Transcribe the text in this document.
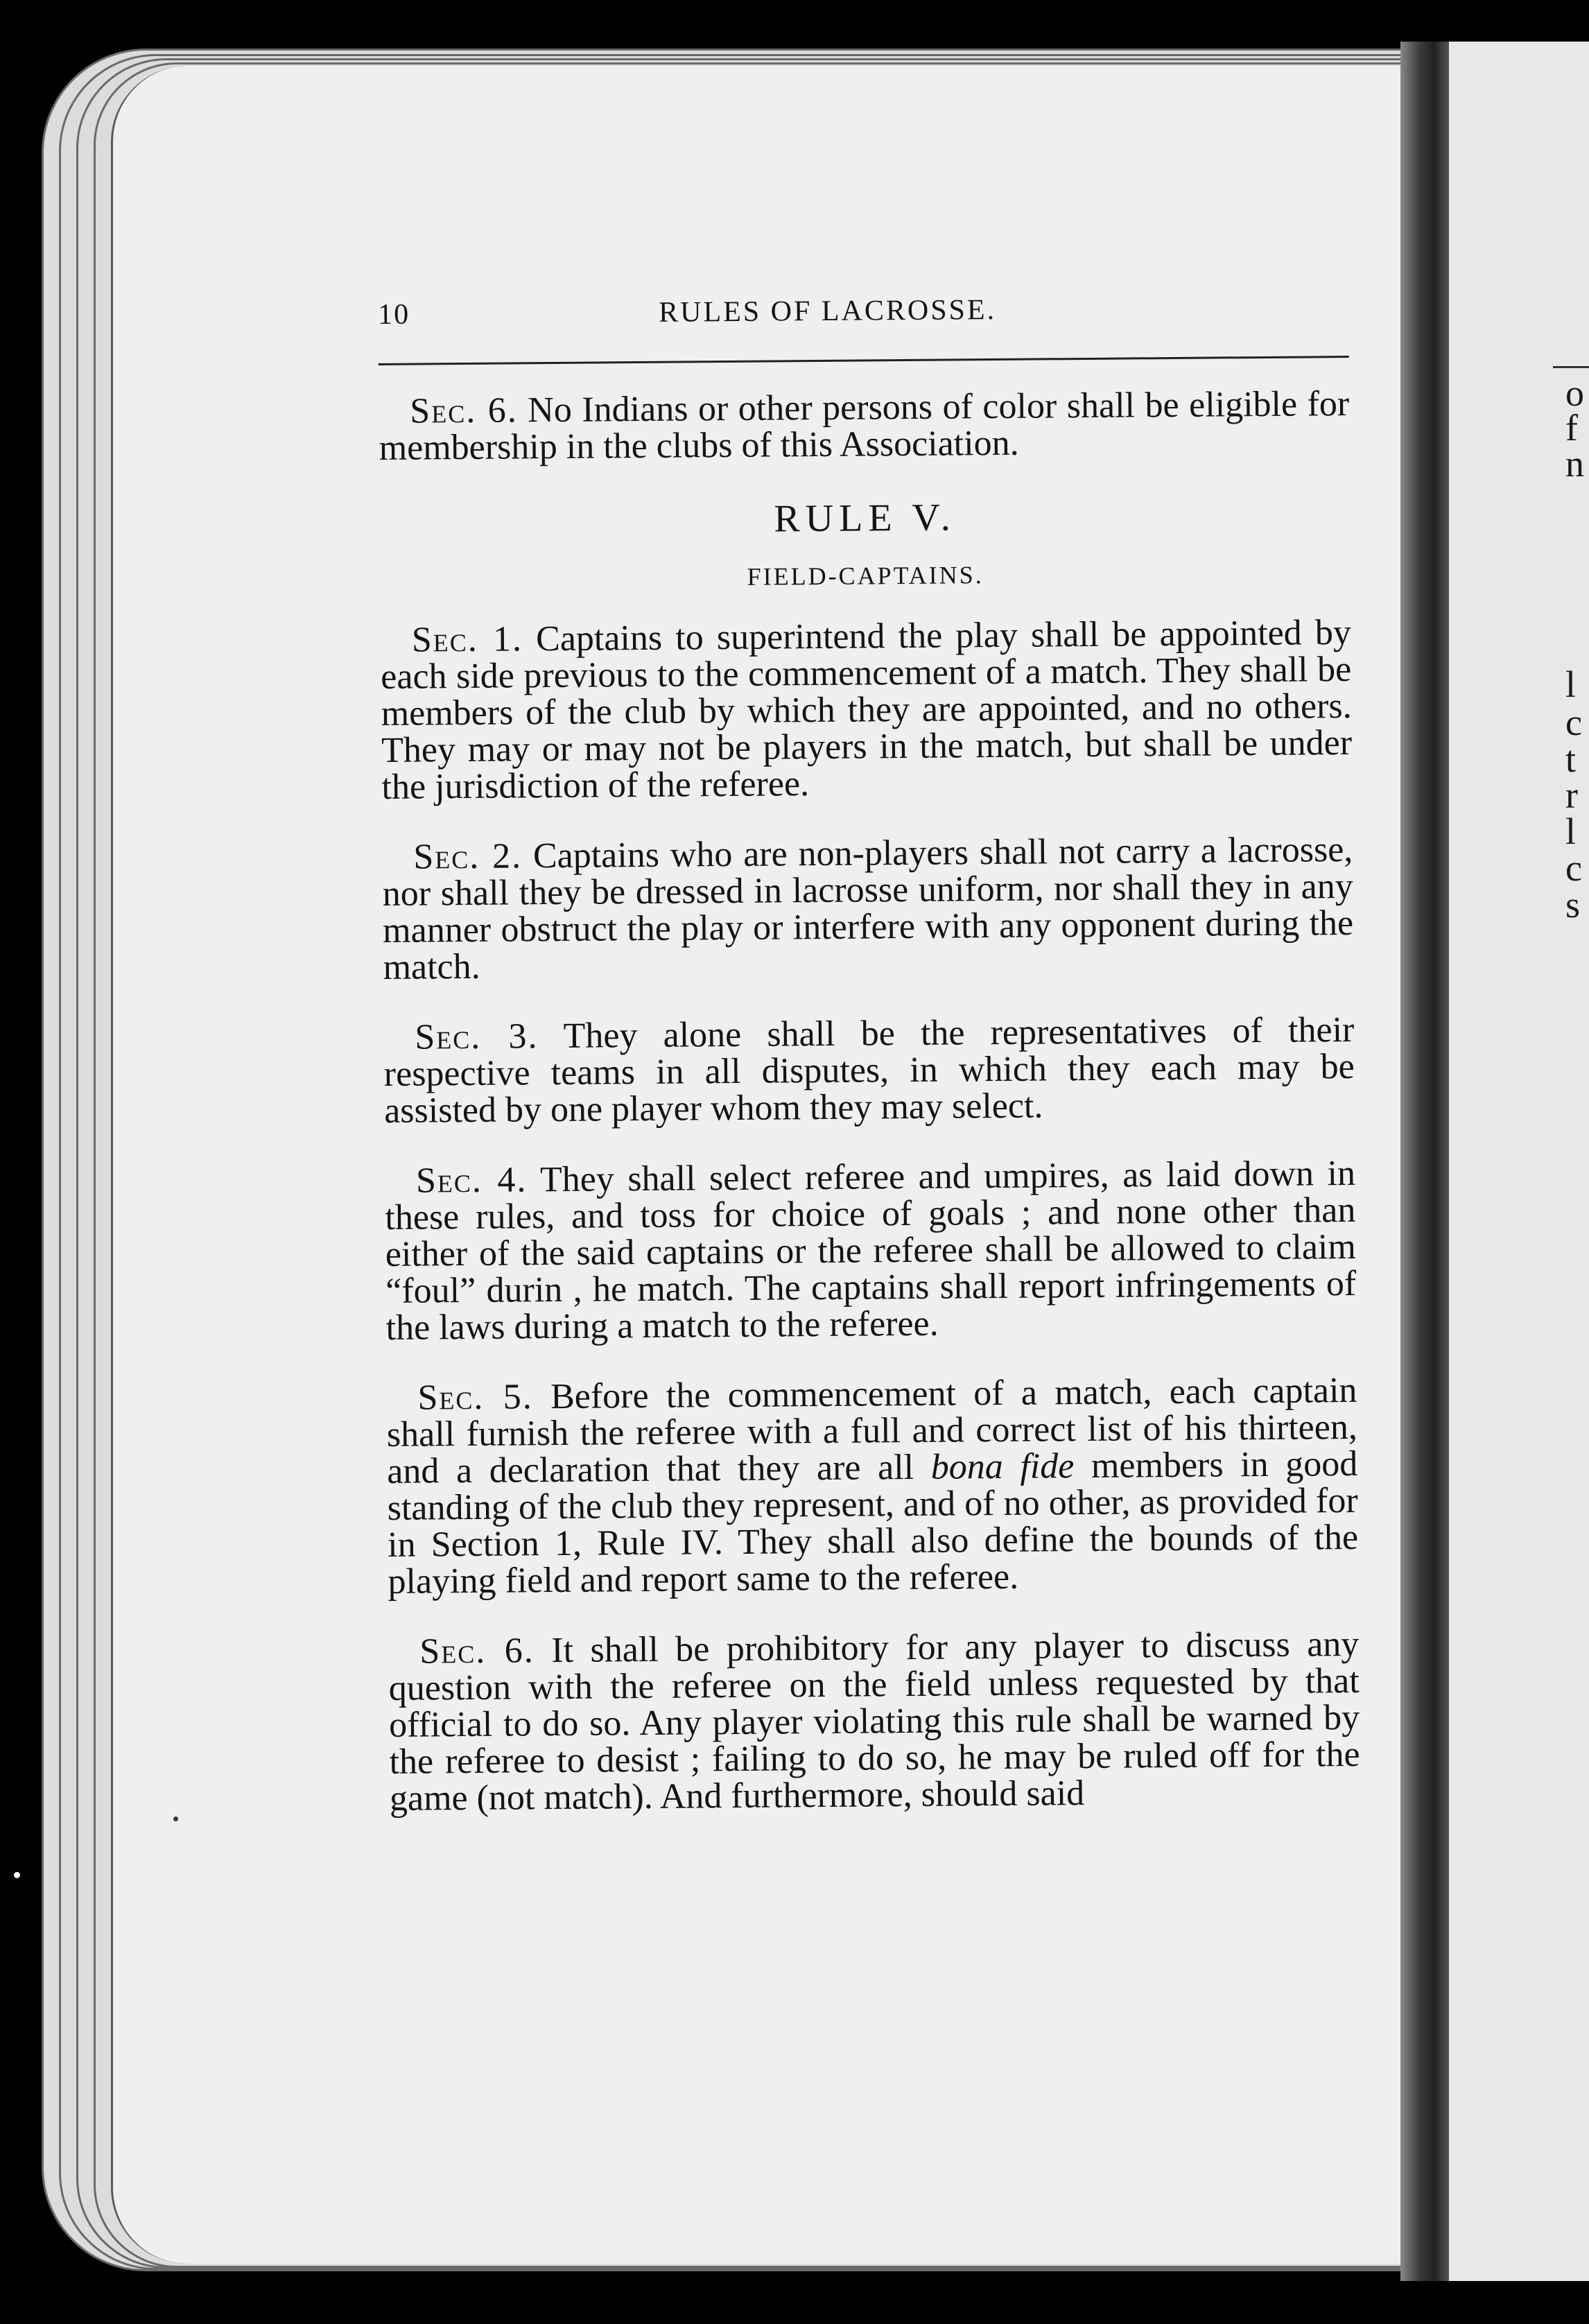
o
f
n
l
c
t
r
l
c
s
10	RULES OF LACROSSE.

Sec. 6. No Indians or other persons of color shall be eligible for membership in the clubs of this Association.

RULE V.
FIELD-CAPTAINS.

Sec. 1. Captains to superintend the play shall be appointed by each side previous to the commencement of a match. They shall be members of the club by which they are appointed, and no others. They may or may not be players in the match, but shall be under the jurisdiction of the referee.

Sec. 2. Captains who are non-players shall not carry a lacrosse, nor shall they be dressed in lacrosse uniform, nor shall they in any manner obstruct the play or interfere with any opponent during the match.

Sec. 3. They alone shall be the representatives of their respective teams in all disputes, in which they each may be assisted by one player whom they may select.

Sec. 4. They shall select referee and umpires, as laid down in these rules, and toss for choice of goals ; and none other than either of the said captains or the referee shall be allowed to claim “foul” durin , he match. The captains shall report infringements of the laws during a match to the referee.

Sec. 5. Before the commencement of a match, each captain shall furnish the referee with a full and correct list of his thirteen, and a declaration that they are all bona fide members in good standing of the club they represent, and of no other, as provided for in Section 1, Rule IV. They shall also define the bounds of the playing field and report same to the referee.

Sec. 6. It shall be prohibitory for any player to discuss any question with the referee on the field unless requested by that official to do so. Any player violating this rule shall be warned by the referee to desist ; failing to do so, he may be ruled off for the game (not match). And furthermore, should said
